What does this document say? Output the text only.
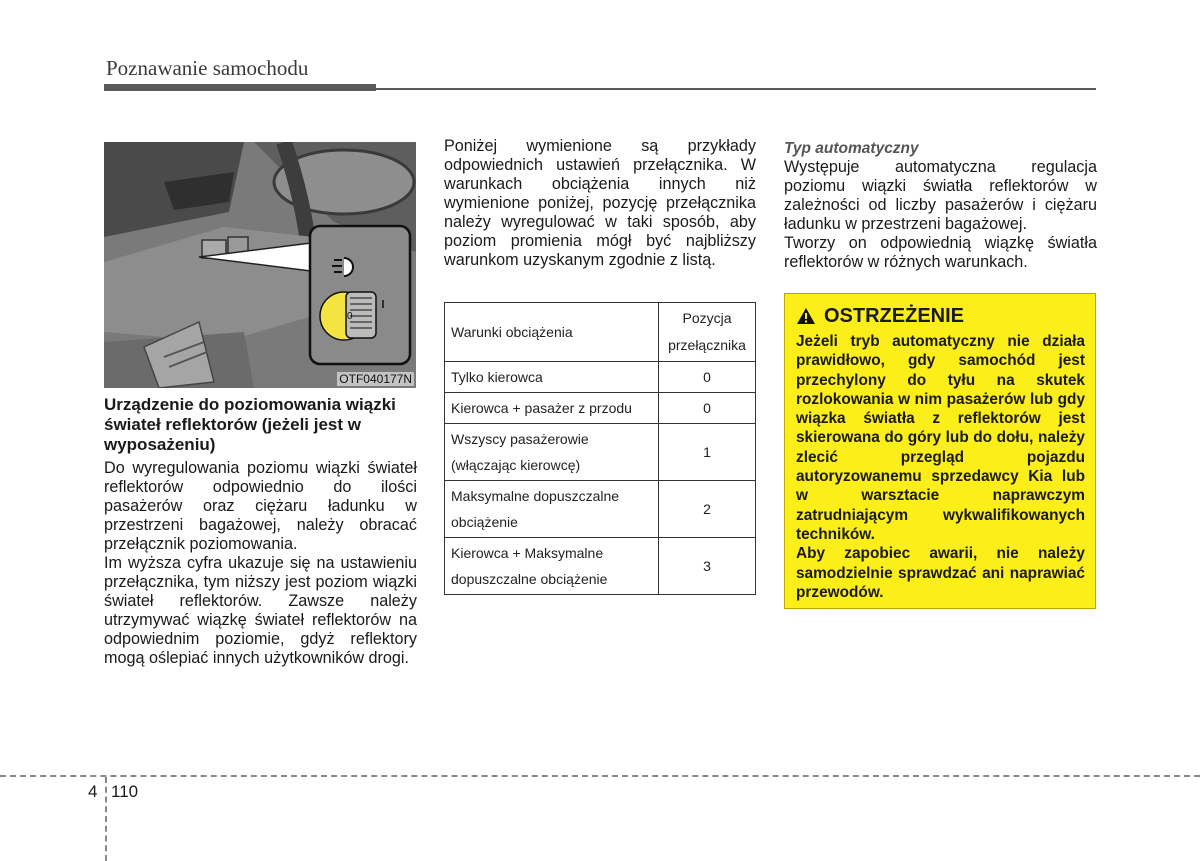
Poznawanie samochodu
0
OTF040177N

Urządzenie do poziomowania wiązki świateł reflektorów (jeżeli jest w wyposażeniu)

Do wyregulowania poziomu wiązki świateł reflektorów odpowiednio do ilości pasażerów oraz ciężaru ładunku w przestrzeni bagażowej, należy obracać przełącznik poziomowania.

Im wyższa cyfra ukazuje się na ustawieniu przełącznika, tym niższy jest poziom wiązki świateł reflektorów. Zawsze należy utrzymywać wiązkę świateł reflektorów na odpowiednim poziomie, gdyż reflektory mogą oślepiać innych użytkowników drogi.

Poniżej wymienione są przykłady odpowiednich ustawień przełącznika. W warunkach obciążenia innych niż wymienione poniżej, pozycję przełącznika należy wyregulować w taki sposób, aby poziom promienia mógł być najbliższy warunkom uzyskanym zgodnie z listą.

Warunki obciążenia	Pozycja
przełącznika

Tylko kierowca	0

Kierowca + pasażer z przodu	0

Wszyscy pasażerowie
(włączając kierowcę)	1

Maksymalne dopuszczalne
obciążenie	2

Kierowca + Maksymalne
dopuszczalne obciążenie	3

Typ automatyczny

Występuje automatyczna regulacja poziomu wiązki światła reflektorów w zależności od liczby pasażerów i ciężaru ładunku w przestrzeni bagażowej.

Tworzy on odpowiednią wiązkę światła reflektorów w różnych warunkach.

OSTRZEŻENIE

Jeżeli tryb automatyczny nie działa prawidłowo, gdy samochód jest przechylony do tyłu na skutek rozlokowania w nim pasażerów lub gdy wiązka światła z reflektorów jest skierowana do góry lub do dołu, należy zlecić przegląd pojazdu autoryzowanemu sprzedawcy Kia lub w warsztacie naprawczym zatrudniającym wykwalifikowanych techników.

Aby zapobiec awarii, nie należy samodzielnie sprawdzać ani naprawiać przewodów.

4 110
